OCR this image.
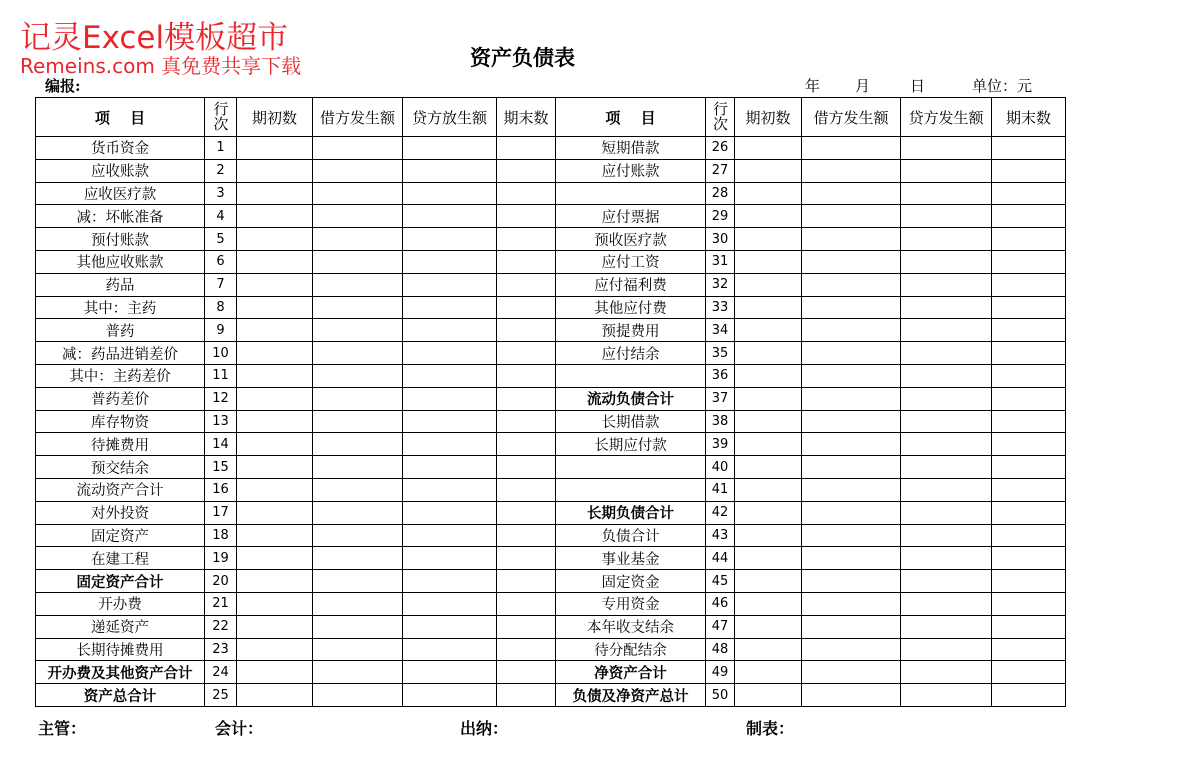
记灵Excel模板超市
Remeins.com 真免费共享下载	资产负债表
编报:	年 月	日	单位：元
项　 目	行次	期初数	借方发生额	贷方放生额	期末数	项　 目	行次	期初数	借方发生额	贷方发生额	期末数
货币资金	1					短期借款	26				
应收账款	2					应付账款	27				
应收医疗款	3						28				
减：坏帐准备	4					应付票据	29				
预付账款	5					预收医疗款	30				
其他应收账款	6					应付工资	31				
药品	7					应付福利费	32				
其中：主药	8					其他应付费	33				
普药	9					预提费用	34				
减：药品进销差价	10					应付结余	35				
其中：主药差价	11						36				
普药差价	12					流动负债合计	37				
库存物资	13					长期借款	38				
待摊费用	14					长期应付款	39				
预交结余	15						40				
流动资产合计	16						41				
对外投资	17					长期负债合计	42				
固定资产	18					负债合计	43				
在建工程	19					事业基金	44				
固定资产合计	20					固定资金	45				
开办费	21					专用资金	46				
递延资产	22					本年收支结余	47				
长期待摊费用	23					待分配结余	48				
开办费及其他资产合计	24					净资产合计	49				
资产总合计	25					负债及净资产总计	50				
主管：	会计：	出纳：	制表：
